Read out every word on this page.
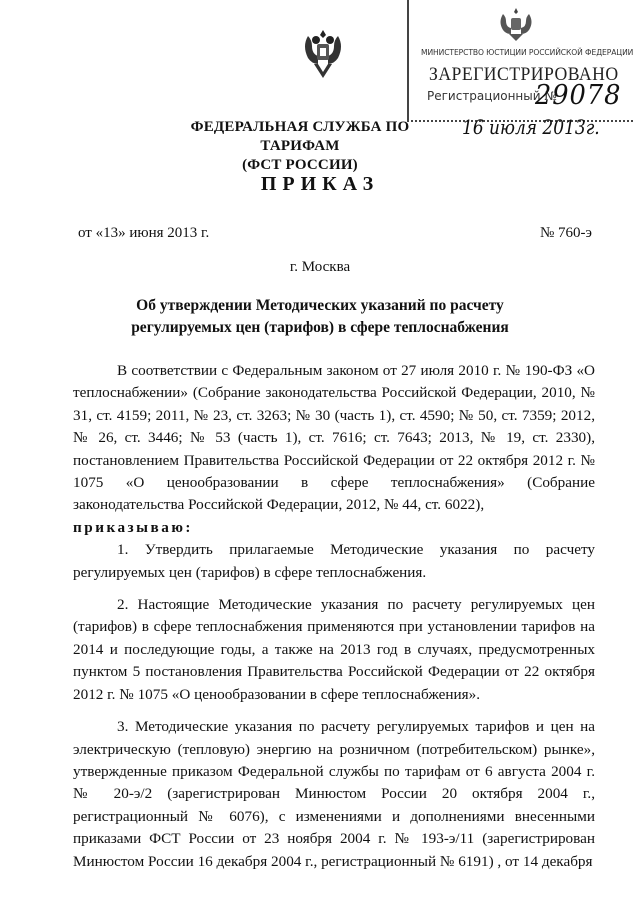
МИНИСТЕРСТВО ЮСТИЦИИ РОССИЙСКОЙ ФЕДЕРАЦИИ
ЗАРЕГИСТРИРОВАНО
Регистрационный №
29078
16 июля 2013г.
ФЕДЕРАЛЬНАЯ СЛУЖБА ПО ТАРИФАМ
(ФСТ РОССИИ)
ПРИКАЗ
от «13» июня 2013 г.	№ 760-э
г. Москва
Об утверждении Методических указаний по расчету регулируемых цен (тарифов) в сфере теплоснабжения

В соответствии с Федеральным законом от 27 июля 2010 г. № 190-ФЗ «О теплоснабжении» (Собрание законодательства Российской Федерации, 2010, № 31, ст. 4159; 2011, № 23, ст. 3263; № 30 (часть 1), ст. 4590; № 50, ст. 7359; 2012, № 26, ст. 3446; № 53 (часть 1), ст. 7616; ст. 7643; 2013, № 19, ст. 2330), постановлением Правительства Российской Федерации от 22 октября 2012 г. № 1075 «О ценообразовании в сфере теплоснабжения» (Собрание законодательства Российской Федерации, 2012, № 44, ст. 6022),

приказываю:

1. Утвердить прилагаемые Методические указания по расчету регулируемых цен (тарифов) в сфере теплоснабжения.

2. Настоящие Методические указания по расчету регулируемых цен (тарифов) в сфере теплоснабжения применяются при установлении тарифов на 2014 и последующие годы, а также на 2013 год в случаях, предусмотренных пунктом 5 постановления Правительства Российской Федерации от 22 октября 2012 г. № 1075 «О ценообразовании в сфере теплоснабжения».

3. Методические указания по расчету регулируемых тарифов и цен на электрическую (тепловую) энергию на розничном (потребительском) рынке», утвержденные приказом Федеральной службы по тарифам от 6 августа 2004 г. № 20-э/2 (зарегистрирован Минюстом России 20 октября 2004 г., регистрационный № 6076), с изменениями и дополнениями внесенными приказами ФСТ России от 23 ноября 2004 г. № 193-э/11 (зарегистрирован Минюстом России 16 декабря 2004 г., регистрационный № 6191) , от 14 декабря
